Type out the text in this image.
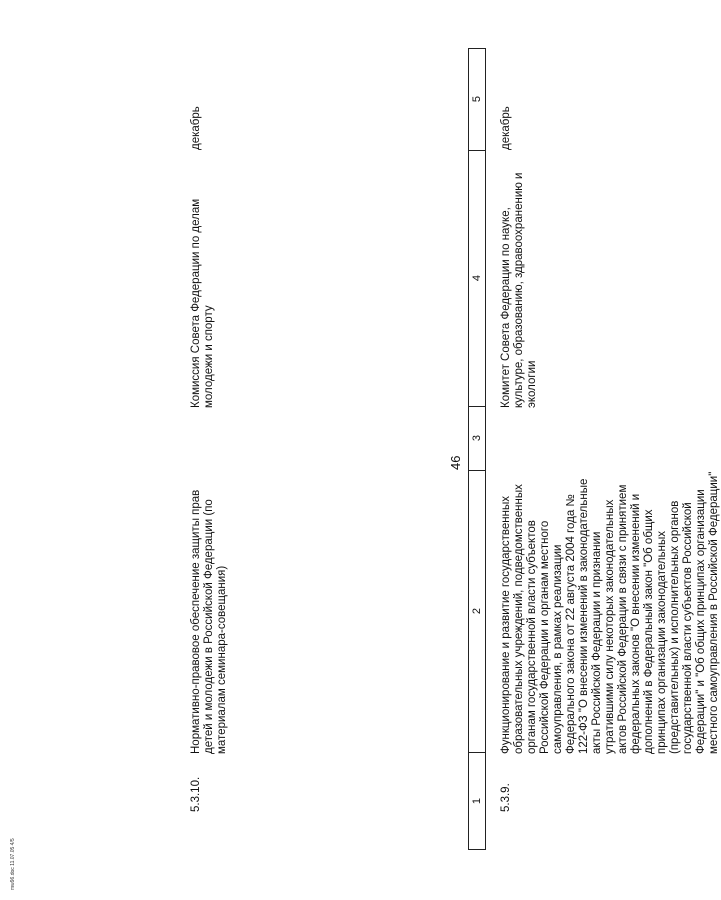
46
1
2
3
4
5
5.3.9.
Функционирование и развитие государственных образовательных учреждений, подведомственных органам государственной власти субъектов Российской Федерации и органам местного самоуправления, в рамках реализации Федерального закона от 22 августа 2004 года № 122-ФЗ "О внесении изменений в законодательные акты Российской Федерации и признании утратившими силу некоторых законодательных актов Российской Федерации в связи с принятием федеральных законов "О внесении изменений и дополнений в Федеральный закон "Об общих принципах организации законодательных (представительных) и исполнительных органов государственной власти субъектов Российской Федерации" и "Об общих принципах организации местного самоуправления в Российской Федерации"
Комитет Совета Федерации по науке, культуре, образованию, здравоохранению и экологии
декабрь
5.3.10.
Нормативно-правовое обеспечение защиты прав детей и молодежи в Российской Федерации (по материалам семинара-совещания)
Комиссия Совета Федерации по делам молодежи и спорту
декабрь
mw96.doc 11.07.05 4/5
